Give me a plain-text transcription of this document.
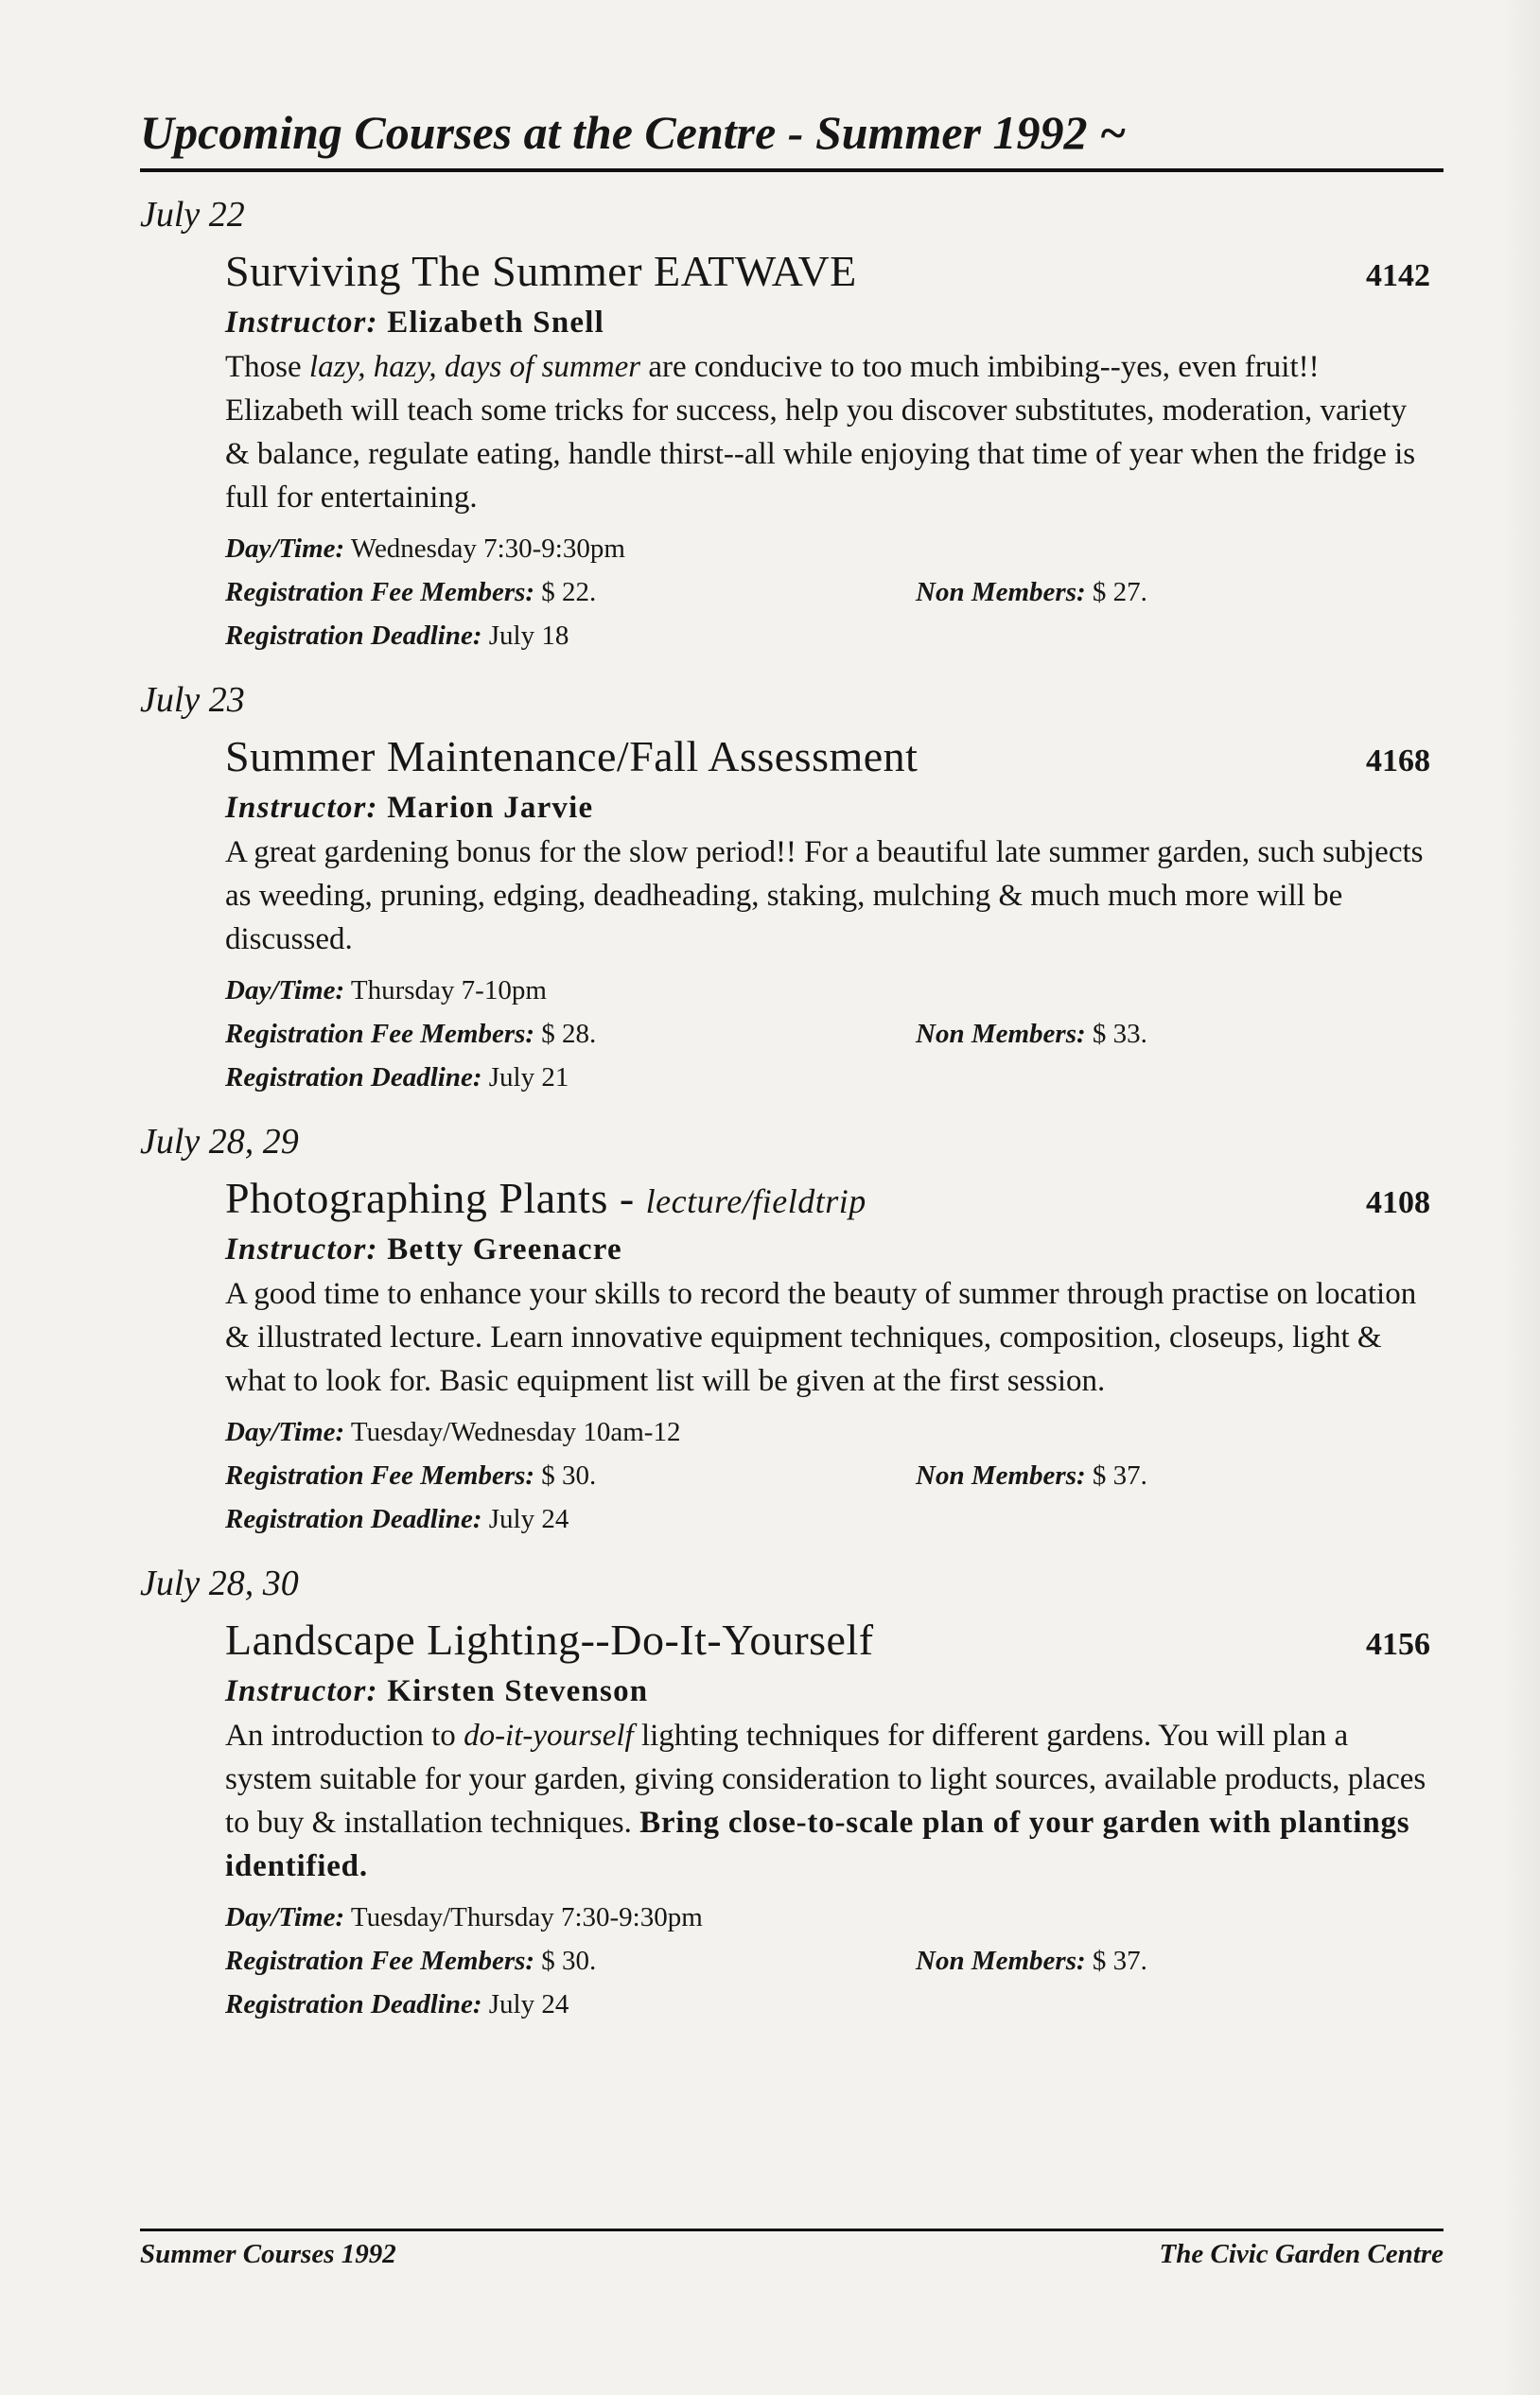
Upcoming Courses at the Centre - Summer 1992 ~
July 22
Surviving The Summer EATWAVE	4142
Instructor: Elizabeth Snell
Those lazy, hazy, days of summer are conducive to too much imbibing--yes, even fruit!! Elizabeth will teach some tricks for success, help you discover substitutes, moderation, variety & balance, regulate eating, handle thirst--all while enjoying that time of year when the fridge is full for entertaining.
Day/Time: Wednesday 7:30-9:30pm
Registration Fee Members: $ 22.	Non Members: $ 27.
Registration Deadline: July 18
July 23
Summer Maintenance/Fall Assessment	4168
Instructor: Marion Jarvie
A great gardening bonus for the slow period!! For a beautiful late summer garden, such subjects as weeding, pruning, edging, deadheading, staking, mulching & much much more will be discussed.
Day/Time: Thursday 7-10pm
Registration Fee Members: $ 28.	Non Members: $ 33.
Registration Deadline: July 21
July 28, 29
Photographing Plants - lecture/fieldtrip	4108
Instructor: Betty Greenacre
A good time to enhance your skills to record the beauty of summer through practise on location & illustrated lecture. Learn innovative equipment techniques, composition, closeups, light & what to look for. Basic equipment list will be given at the first session.
Day/Time: Tuesday/Wednesday 10am-12
Registration Fee Members: $ 30.	Non Members: $ 37.
Registration Deadline: July 24
July 28, 30
Landscape Lighting--Do-It-Yourself	4156
Instructor: Kirsten Stevenson
An introduction to do-it-yourself lighting techniques for different gardens. You will plan a system suitable for your garden, giving consideration to light sources, available products, places to buy & installation techniques. Bring close-to-scale plan of your garden with plantings identified.
Day/Time: Tuesday/Thursday 7:30-9:30pm
Registration Fee Members: $ 30.	Non Members: $ 37.
Registration Deadline: July 24
Summer Courses 1992	The Civic Garden Centre
